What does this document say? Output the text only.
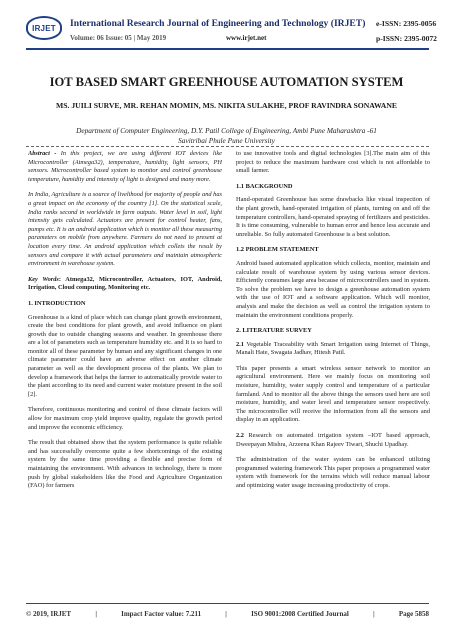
IRJET International Research Journal of Engineering and Technology (IRJET) e-ISSN: 2395-0056
Volume: 06 Issue: 05 | May 2019	www.irjet.net	p-ISSN: 2395-0072
IOT BASED SMART GREENHOUSE AUTOMATION SYSTEM
MS. JUILI SURVE, MR. REHAN MOMIN, MS. NIKITA SULAKHE, PROF RAVINDRA SONAWANE
Department of Computer Engineering, D.Y. Patil College of Engineering, Ambi Pune Maharashtra -61
Savitribai Phule Pune University

Abstract - In this project, we are using different IOT devices like Microcontroller (Atmega32), temperature, humidity, light sensors, PH sensors. Microcontroller based system to monitor and control greenhouse temperature, humidity and intensity of light is designed and many more.

In India, Agriculture is a source of livelihood for majority of people and has a great impact on the economy of the country [1]. On the statistical scale, India ranks second in worldwide in farm outputs. Water level in soil, light intensity gets calculated. Actuators are present for control heater, fans, pumps etc. It is an android application which is monitor all these measuring parameters on mobile from anywhere. Farmers do not need to present at location every time. An android application which collets the result by sensors and compare it with actual parameters and maintain atmospheric environment in warehouse system.

Key Words: Atmega32, Microcontroller, Actuators, IOT, Android, Irrigation, Cloud computing, Monitoring etc.

1. INTRODUCTION

Greenhouse is a kind of place which can change plant growth environment, create the best conditions for plant growth, and avoid influence on plant growth due to outside changing seasons and weather. In greenhouse there are a lot of parameters such as temperature humidity etc. and It is so hard to monitor all of these parameter by human and any significant changes in one climate parameter could have an adverse effect on another climate parameter as well as the development process of the plants. We plan to develop a framework that helps the farmer to automatically provide water to the plant according to its need and current water moisture present in the soil [2].

Therefore, continuous monitoring and control of these climate factors will allow for maximum crop yield improve quality, regulate the growth period and improve the economic efficiency.

The result that obtained show that the system performance is quite reliable and has successfully overcome quite a few shortcomings of the existing system by the same time providing a flexible and precise form of maintaining the environment. With advances in technology, there is more push by global stakeholders like the Food and Agriculture Organization (FAO) for farmers

to use innovative tools and digital technologies [3].The main aim of this project to reduce the maximum hardware cost which is not affordable to small farmer.

1.1 BACKGROUND

Hand-operated Greenhouse has some drawbacks like visual inspection of the plant growth, hand-operated irrigation of plants, turning on and off the temperature controllers, hand-operated spraying of fertilizers and pesticides. It is time consuming, vulnerable to human error and hence less accurate and unreliable. So fully automated Greenhouse is a best solution.

1.2 PROBLEM STATEMENT

Android based automated application which collects, monitor, maintain and calculate result of warehouse system by using various sensor devices. Efficiently consumes large area because of microcontrollers used in system. To solve the problem we have to design a greenhouse automation system with the use of IOT and a software application. Which will monitor, analysis and make the decision as well as control the irrigation system to maintain the environment conditions properly.

2. LITERATURE SURVEY

2.1 Vegetable Traceability with Smart Irrigation using Internet of Things, Manali Hate, Swagata Jadhav, Hitesh Patil.

This paper presents a smart wireless sensor network to monitor an agricultural environment. Here we mainly focus on monitoring soil moisture, humidity, water supply control and temperature of a particular farmland. And to monitor all the above things the sensors used here are soil moisture, humidity, and water level and temperature sensor respectively. The microcontroller will receive the information from all the sensors and display in an application.

2.2 Research on automated irrigation system –IOT based approach, Dweepayan Mishra, Arzeena Khan Rajeev Tiwari, Shuchi Upadhay.

The administration of the water system can be enhanced utilizing programmed watering framework This paper proposes a programmed water system with framework for the terrains which will reduce manual labour and optimizing water usage increasing productivity of crops.

© 2019, IRJET	|	Impact Factor value: 7.211	|	ISO 9001:2008 Certified Journal	|	Page 5858
